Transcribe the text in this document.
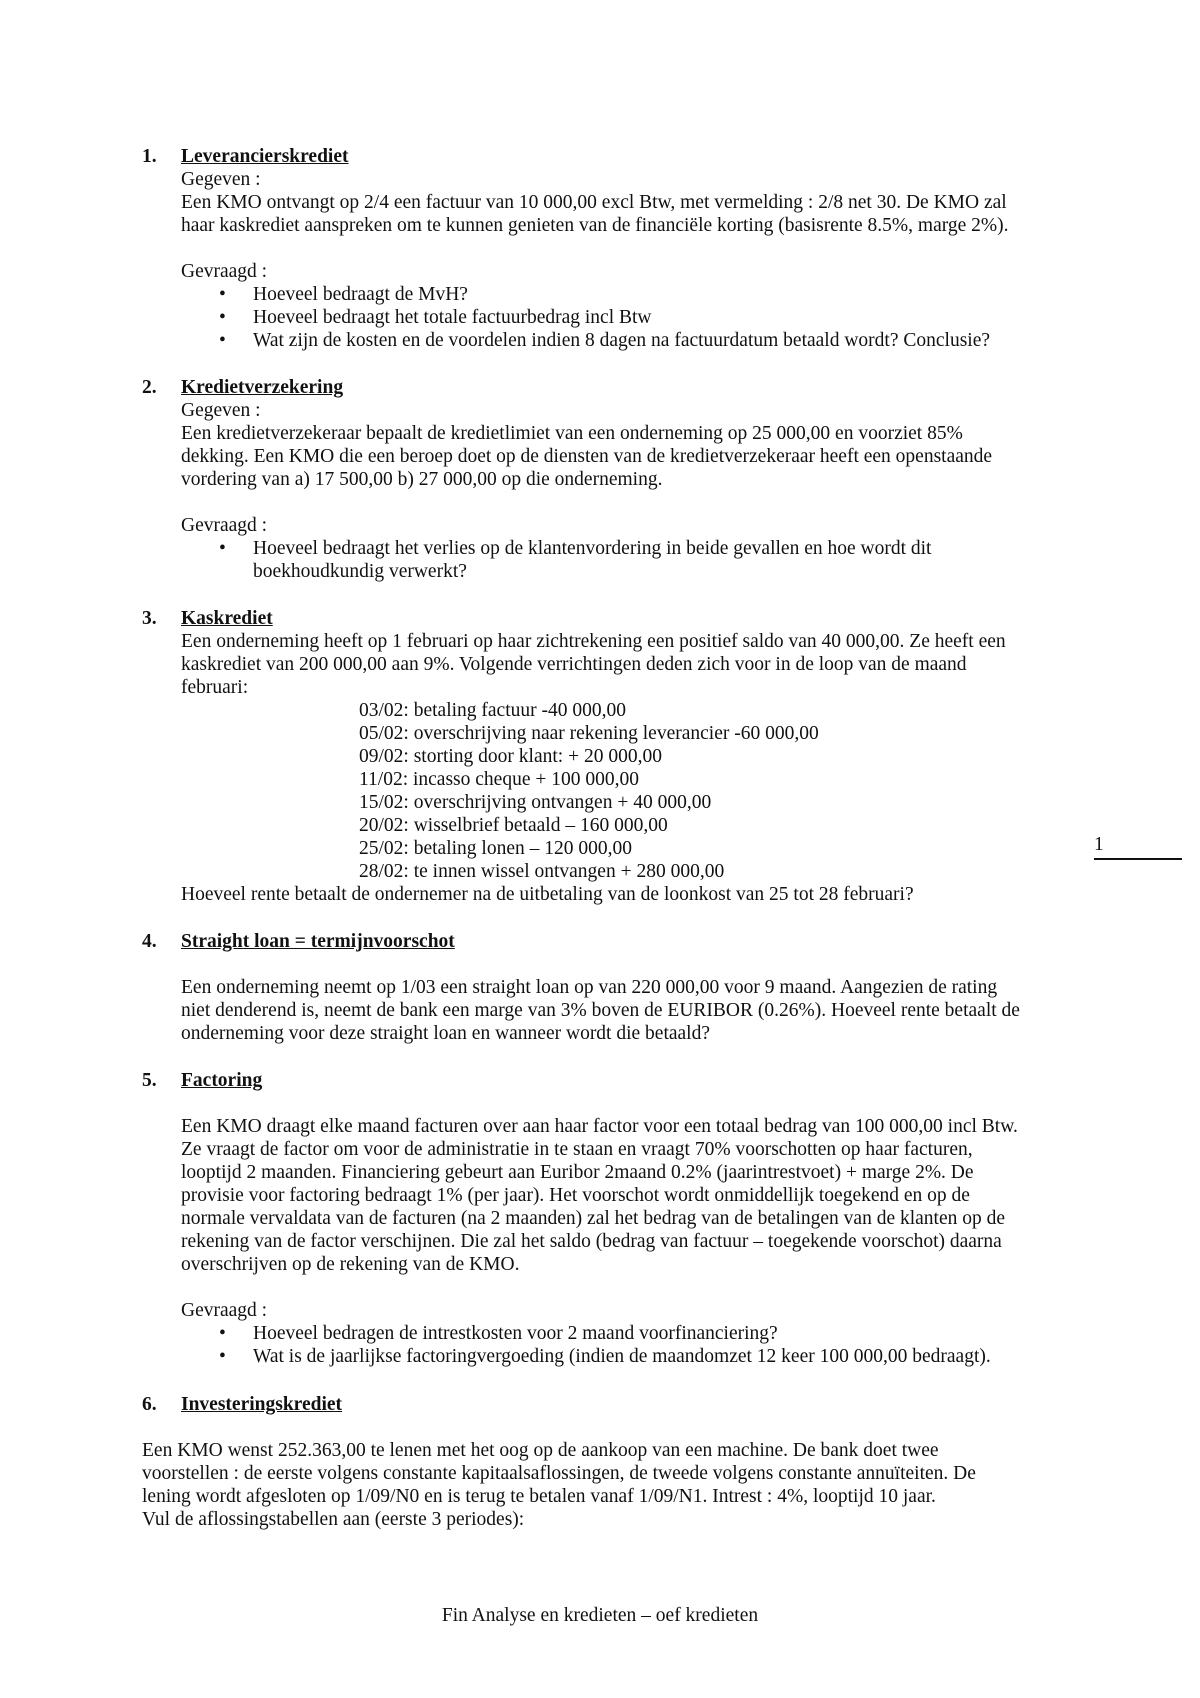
1.	Leverancierskrediet
Gegeven :
Een KMO ontvangt op 2/4 een factuur van 10 000,00 excl Btw, met vermelding : 2/8 net 30. De KMO zal
haar kaskrediet aanspreken om te kunnen genieten van de financiële korting (basisrente 8.5%, marge 2%).
Gevraagd :
• Hoeveel bedraagt de MvH?
• Hoeveel bedraagt het totale factuurbedrag incl Btw
• Wat zijn de kosten en de voordelen indien 8 dagen na factuurdatum betaald wordt? Conclusie?
2.	Kredietverzekering
Gegeven :
Een kredietverzekeraar bepaalt de kredietlimiet van een onderneming op 25 000,00 en voorziet 85%
dekking. Een KMO die een beroep doet op de diensten van de kredietverzekeraar heeft een openstaande
vordering van a) 17 500,00 b) 27 000,00 op die onderneming.
Gevraagd :
• Hoeveel bedraagt het verlies op de klantenvordering in beide gevallen en hoe wordt dit
boekhoudkundig verwerkt?
3.	Kaskrediet
Een onderneming heeft op 1 februari op haar zichtrekening een positief saldo van 40 000,00. Ze heeft een
kaskrediet van 200 000,00 aan 9%. Volgende verrichtingen deden zich voor in de loop van de maand
februari:
03/02: betaling factuur -40 000,00
05/02: overschrijving naar rekening leverancier -60 000,00
09/02: storting door klant: + 20 000,00
11/02: incasso cheque + 100 000,00
15/02: overschrijving ontvangen + 40 000,00
20/02: wisselbrief betaald – 160 000,00
25/02: betaling lonen – 120 000,00
28/02: te innen wissel ontvangen + 280 000,00
Hoeveel rente betaalt de ondernemer na de uitbetaling van de loonkost van 25 tot 28 februari?
1
4.	Straight loan = termijnvoorschot
Een onderneming neemt op 1/03 een straight loan op van 220 000,00 voor 9 maand. Aangezien de rating
niet denderend is, neemt de bank een marge van 3% boven de EURIBOR (0.26%). Hoeveel rente betaalt de
onderneming voor deze straight loan en wanneer wordt die betaald?
5.	Factoring
Een KMO draagt elke maand facturen over aan haar factor voor een totaal bedrag van 100 000,00 incl Btw.
Ze vraagt de factor om voor de administratie in te staan en vraagt 70% voorschotten op haar facturen,
looptijd 2 maanden. Financiering gebeurt aan Euribor 2maand 0.2% (jaarintrestvoet) + marge 2%. De
provisie voor factoring bedraagt 1% (per jaar). Het voorschot wordt onmiddellijk toegekend en op de
normale vervaldata van de facturen (na 2 maanden) zal het bedrag van de betalingen van de klanten op de
rekening van de factor verschijnen. Die zal het saldo (bedrag van factuur – toegekende voorschot) daarna
overschrijven op de rekening van de KMO.
Gevraagd :
• Hoeveel bedragen de intrestkosten voor 2 maand voorfinanciering?
• Wat is de jaarlijkse factoringvergoeding (indien de maandomzet 12 keer 100 000,00 bedraagt).
6.	Investeringskrediet
Een KMO wenst 252.363,00 te lenen met het oog op de aankoop van een machine. De bank doet twee
voorstellen : de eerste volgens constante kapitaalsaflossingen, de tweede volgens constante annuïteiten. De
lening wordt afgesloten op 1/09/N0 en is terug te betalen vanaf 1/09/N1. Intrest : 4%, looptijd 10 jaar.
Vul de aflossingstabellen aan (eerste 3 periodes):
Fin Analyse en kredieten – oef kredieten
